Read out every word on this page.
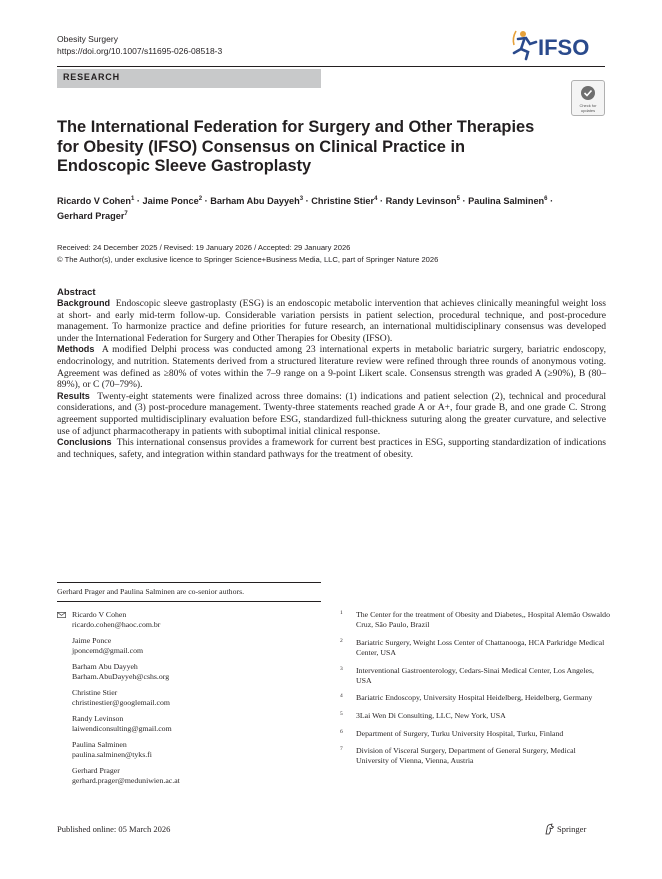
Obesity Surgery
https://doi.org/10.1007/s11695-026-08518-3	IFSO
RESEARCH
Check for
updates
The International Federation for Surgery and Other Therapies for Obesity (IFSO) Consensus on Clinical Practice in Endoscopic Sleeve Gastroplasty
Ricardo V Cohen$^1$ · Jaime Ponce$^2$ · Barham Abu Dayyeh$^3$ · Christine Stier$^4$ · Randy Levinson$^5$ · Paulina Salminen$^6$ ·
Gerhard Prager$^7$
Received: 24 December 2025 / Revised: 19 January 2026 / Accepted: 29 January 2026
© The Author(s), under exclusive licence to Springer Science+Business Media, LLC, part of Springer Nature 2026
Abstract

Background Endoscopic sleeve gastroplasty (ESG) is an endoscopic metabolic intervention that achieves clinically meaningful weight loss at short- and early mid-term follow-up. Considerable variation persists in patient selection, procedural technique, and post-procedure management. To harmonize practice and define priorities for future research, an international multidisciplinary consensus was developed under the International Federation for Surgery and Other Therapies for Obesity (IFSO).

Methods A modified Delphi process was conducted among 23 international experts in metabolic bariatric surgery, bariatric endoscopy, endocrinology, and nutrition. Statements derived from a structured literature review were refined through three rounds of anonymous voting. Agreement was defined as ≥80% of votes within the 7–9 range on a 9-point Likert scale. Consensus strength was graded A (≥90%), B (80–89%), or C (70–79%).

Results Twenty-eight statements were finalized across three domains: (1) indications and patient selection (2), technical and procedural considerations, and (3) post-procedure management. Twenty-three statements reached grade A or A+, four grade B, and one grade C. Strong agreement supported multidisciplinary evaluation before ESG, standardized full-thickness suturing along the greater curvature, and selective use of adjunct pharmacotherapy in patients with suboptimal initial clinical response.

Conclusions This international consensus provides a framework for current best practices in ESG, supporting standardization of indications and techniques, safety, and integration within standard pathways for the treatment of obesity.

Gerhard Prager and Paulina Salminen are co-senior authors.
Ricardo V Cohen
ricardo.cohen@haoc.com.br
Jaime Ponce
jponcemd@gmail.com
Barham Abu Dayyeh
Barham.AbuDayyeh@cshs.org
Christine Stier
christinestier@googlemail.com
Randy Levinson
laiwendiconsulting@gmail.com
Paulina Salminen
paulina.salminen@tyks.fi
Gerhard Prager
gerhard.prager@meduniwien.ac.at
1 The Center for the treatment of Obesity and Diabetes,, Hospital Alemão Oswaldo Cruz, São Paulo, Brazil
2 Bariatric Surgery, Weight Loss Center of Chattanooga, HCA Parkridge Medical Center, USA
3 Interventional Gastroenterology, Cedars-Sinai Medical Center, Los Angeles, USA
4 Bariatric Endoscopy, University Hospital Heidelberg, Heidelberg, Germany
5 3Lai Wen Di Consulting, LLC, New York, USA
6 Department of Surgery, Turku University Hospital, Turku, Finland
7 Division of Visceral Surgery, Department of General Surgery, Medical University of Vienna, Vienna, Austria
Published online: 05 March 2026	Springer
